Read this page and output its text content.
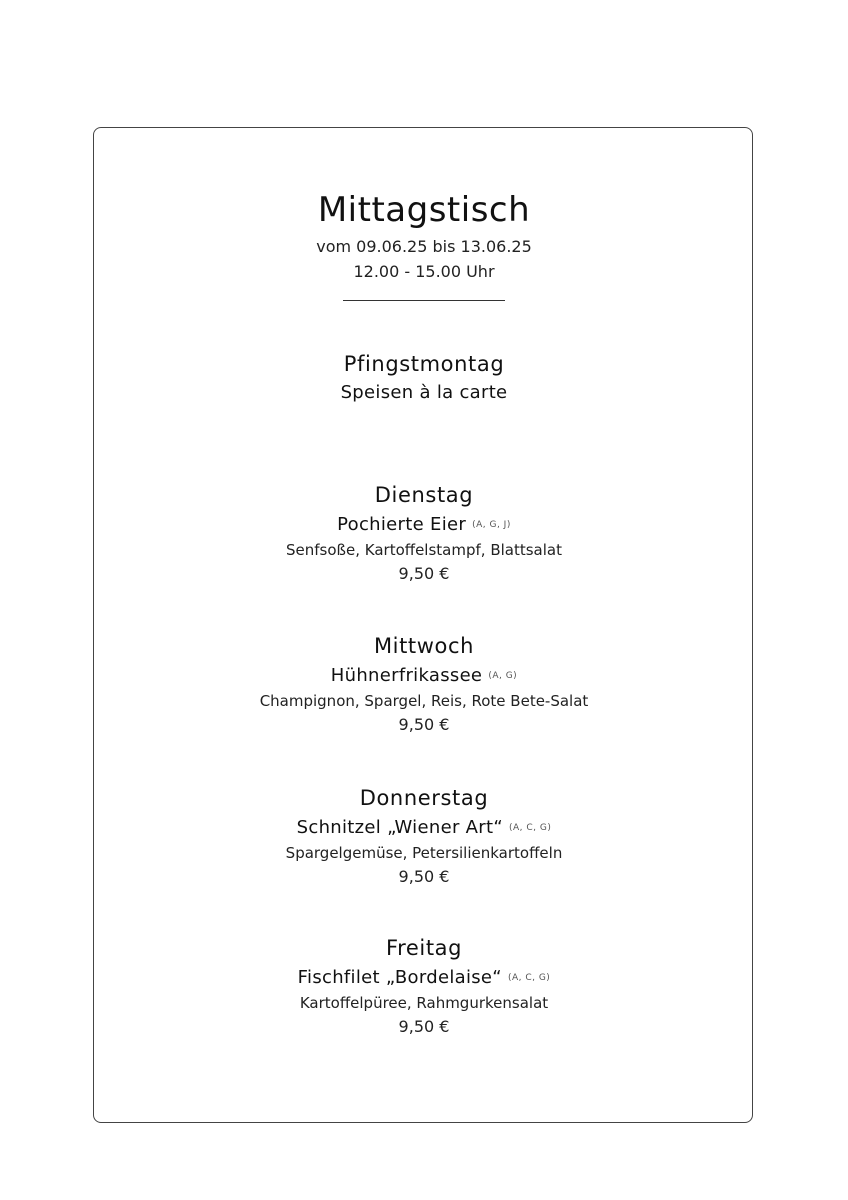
Mittagstisch
vom 09.06.25 bis 13.06.25
12.00 - 15.00 Uhr
Pfingstmontag
Speisen à la carte
Dienstag
Pochierte Eier (A, G, J)
Senfsoße, Kartoffelstampf, Blattsalat
9,50 €
Mittwoch
Hühnerfrikassee (A, G)
Champignon, Spargel, Reis, Rote Bete-Salat
9,50 €
Donnerstag
Schnitzel „Wiener Art“ (A, C, G)
Spargelgemüse, Petersilienkartoffeln
9,50 €
Freitag
Fischfilet „Bordelaise“ (A, C, G)
Kartoffelpüree, Rahmgurkensalat
9,50 €
